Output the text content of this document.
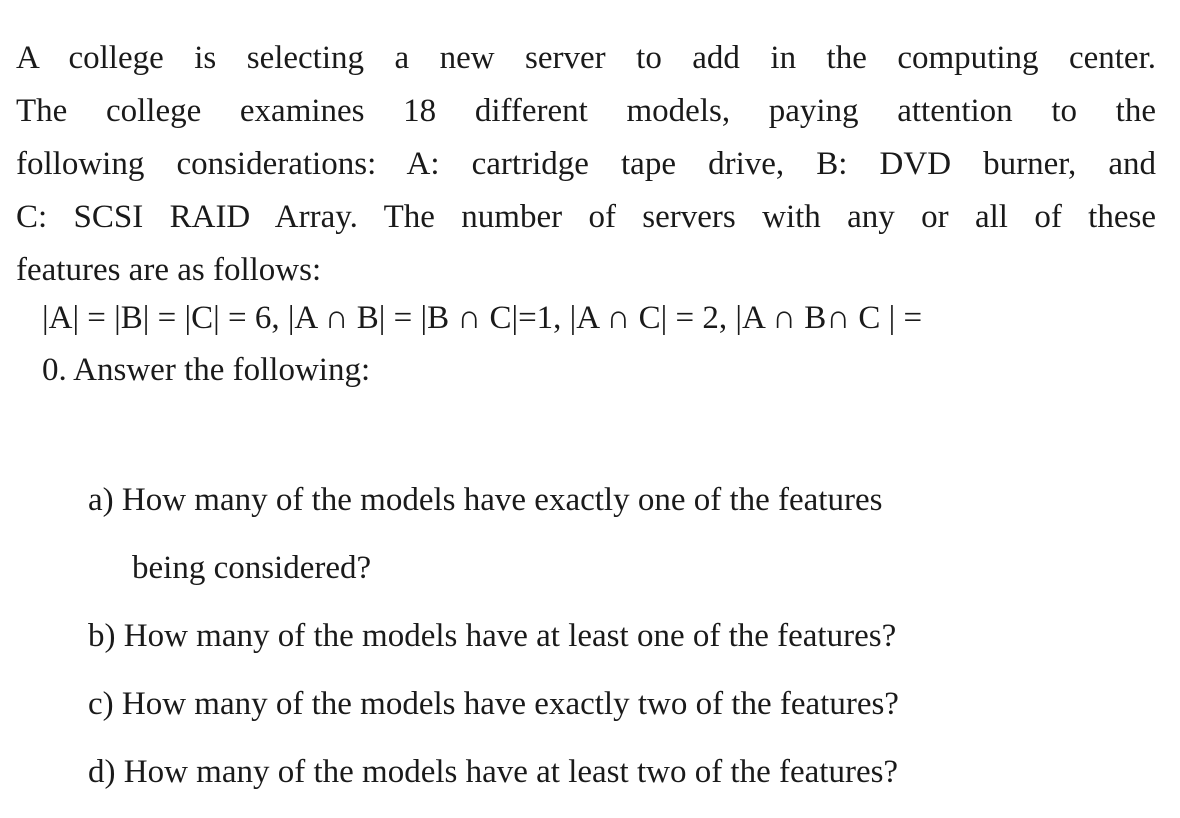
A college is selecting a new server to add in the computing center.
The college examines 18 different models, paying attention to the
following considerations: A: cartridge tape drive, B: DVD burner, and
C: SCSI RAID Array. The number of servers with any or all of these
features are as follows:
|A| = |B| = |C| = 6, |A ∩ B| = |B ∩ C|=1, |A ∩ C| = 2, |A ∩ B∩ C | =
0. Answer the following:
a) How many of the models have exactly one of the features
being considered?
b) How many of the models have at least one of the features?
c) How many of the models have exactly two of the features?
d) How many of the models have at least two of the features?
